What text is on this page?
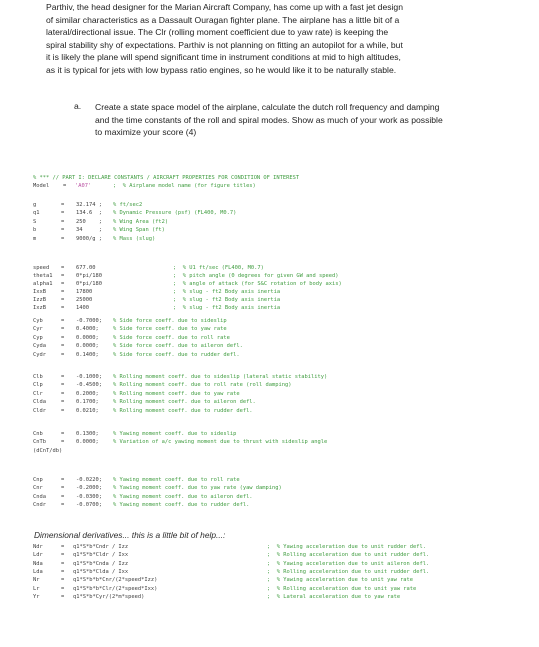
Parthiv, the head designer for the Marian Aircraft Company, has come up with a fast jet design
of similar characteristics as a Dassault Ouragan fighter plane. The airplane has a little bit of a
lateral/directional issue. The Clr (rolling moment coefficient due to yaw rate) is keeping the
spiral stability shy of expectations. Parthiv is not planning on fitting an autopilot for a while, but
it is likely the plane will spend significant time in instrument conditions at mid to high altitudes,
as it is typical for jets with low bypass ratio engines, so he would like it to be naturally stable.
a. Create a state space model of the airplane, calculate the dutch roll frequency and damping
and the time constants of the roll and spiral modes. Show as much of your work as possible
to maximize your score (4)
% *** // PART I: DECLARE CONSTANTS / AIRCRAFT PROPERTIES FOR CONDITION OF INTEREST
Model	= 'A07'	;  % Airplane model name (for figure titles)
g	= 32.174 ; % ft/sec2
q1	= 134.6  ; % Dynamic Pressure (psf) (FL400, M0.7)
S	= 250    ; % Wing Area (ft2)
b	= 34     ; % Wing Span (ft)
m	= 9000/g ; % Mass (slug)
speed = 677.00	;  % U1 ft/sec (FL400, M0.7)
theta1 = 0*pi/180	;  % pitch angle (0 degrees for given GW and speed)
alpha1 = 0*pi/180	;  % angle of attack (for S&C rotation of body axis)
IxxB	= 17800	;  % slug - ft2 Body axis inertia
IzzB	= 25000	;  % slug - ft2 Body axis inertia
IxzB	= 1400	;  % slug - ft2 Body axis inertia
Cyb	= -0.7000; % Side force coeff. due to sideslip
Cyr	= 0.4000;	% Side force coeff. due to yaw rate
Cyp	= 0.0000;	% Side force coeff. due to roll rate
Cyda	= 0.0000;	% Side force coeff. due to aileron defl.
Cydr	= 0.1400;	% Side force coeff. due to rudder defl.
Clb	= -0.1000; % Rolling moment coeff. due to sideslip (lateral static stability)
Clp	= -0.4500; % Rolling moment coeff. due to roll rate (roll damping)
Clr	= 0.2000;	% Rolling moment coeff. due to yaw rate
Clda	= 0.1700;	% Rolling moment coeff. due to aileron defl.
Cldr	= 0.0210;	% Rolling moment coeff. due to rudder defl.
Cnb	= 0.1300;	% Yawing moment coeff. due to sideslip
CnTb	= 0.0000;	% Variation of a/c yawing moment due to thrust with sideslip angle
Cnp	= -0.0220; % Yawing moment coeff. due to roll rate
Cnr	= -0.2000; % Yawing moment coeff. due to yaw rate (yaw damping)
Cnda	= -0.0300; % Yawing moment coeff. due to aileron defl.
Cndr	= -0.0700; % Yawing moment coeff. due to rudder defl.
(dCnT/db)
Dimensional derivatives... this is a little bit of help...:
Ndr	= q1*S*b*Cndr / Izz	;  % Yawing acceleration due to unit rudder defl.
Ldr	= q1*S*b*Cldr / Ixx	;  % Rolling acceleration due to unit rudder defl.
Nda	= q1*S*b*Cnda / Izz	;  % Yawing acceleration due to unit aileron defl.
Lda	= q1*S*b*Clda / Ixx	;  % Rolling acceleration due to unit rudder defl.
Nr	= q1*S*b*b*Cnr/(2*speed*Izz)	;  % Yawing acceleration due to unit yaw rate
Lr	= q1*S*b*b*Clr/(2*speed*Ixx)	;  % Rolling acceleration due to unit yaw rate
Yr	= q1*S*b*Cyr/(2*m*speed)	;  % Lateral acceleration due to yaw rate
